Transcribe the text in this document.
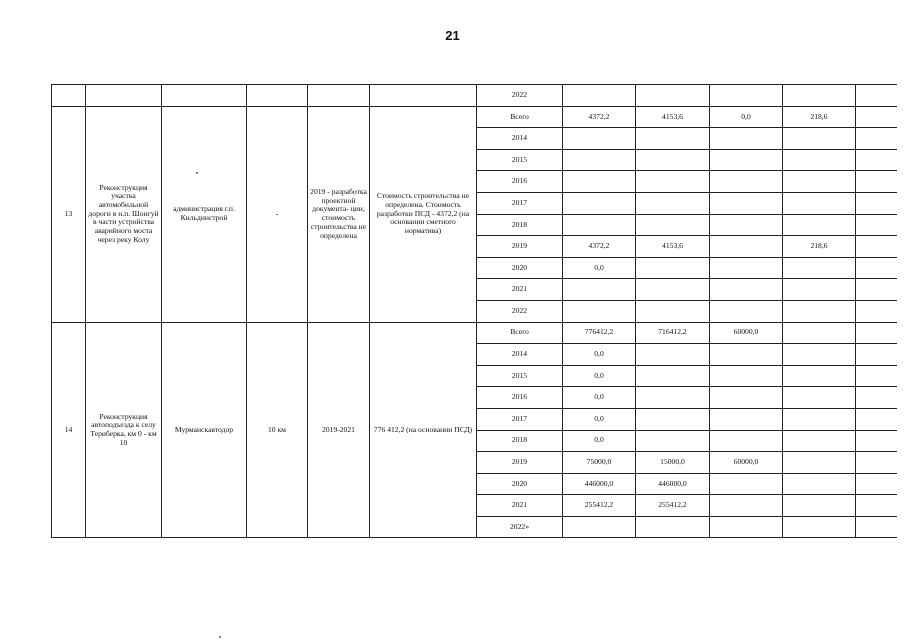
21
						2022					
13	Реконструкция участка автомобильной дороги в н.п. Шонгуй в части устройства аварийного моста через реку Колу	администрация г.п. Кильдинстрой	-	2019 - разработка проектной документа- ции, стоимость строительства не определена	Стоимость строительства не определена. Стоимость разработки ПСД - 4372,2 (на основании сметного норматива)	Всего	4372,2	4153,6	0,0	218,6	
						2014					
						2015					
						2016					
						2017					
						2018					
						2019	4372,2	4153,6		218,6	
						2020	0,0				
						2021					
						2022					
14	Реконструкция автоподъезда к селу Териберка, км 0 - км 10	Мурманскавтодор	10 км	2019-2021	776 412,2 (на основании ПСД)	Всего	776412,2	716412,2	60000,0		
						2014	0,0				
						2015	0,0				
						2016	0,0				
						2017	0,0				
						2018	0,0				
						2019	75000,0	15000,0	60000,0		
						2020	446000,0	446000,0			
						2021	255412,2	255412,2			
						2022»					
